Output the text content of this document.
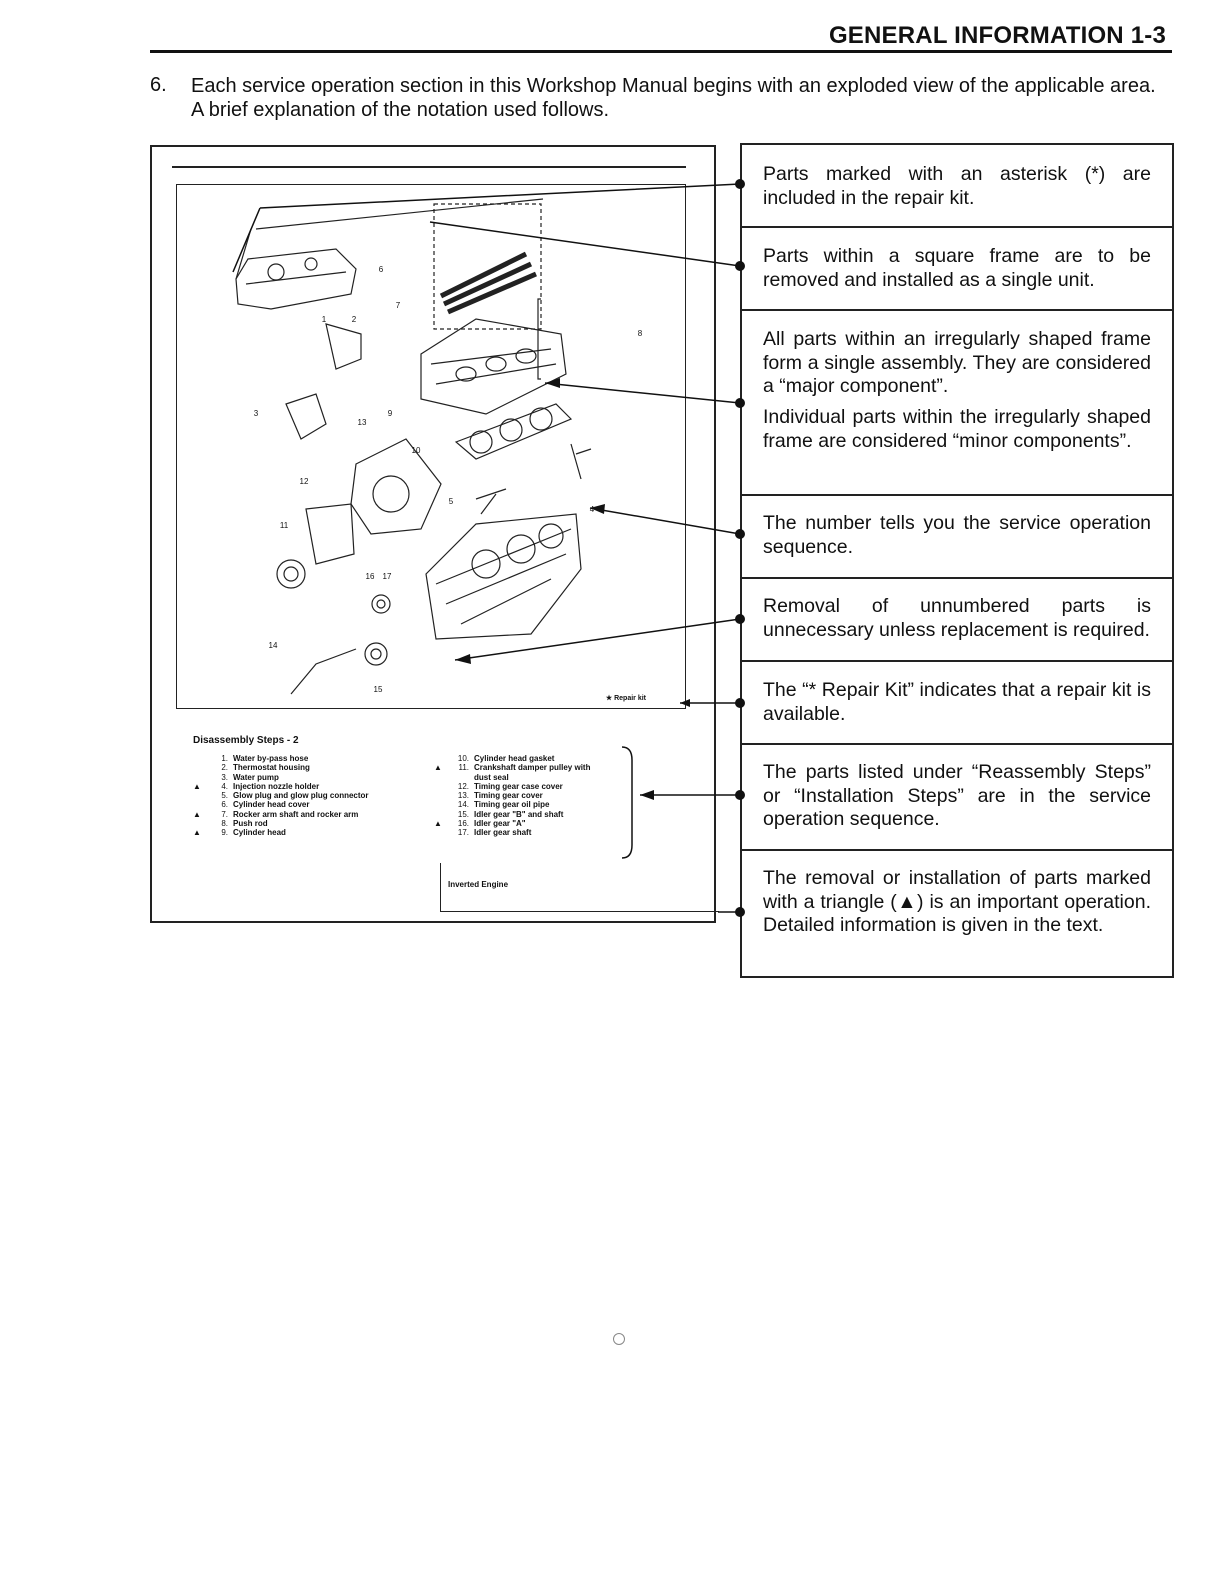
GENERAL INFORMATION 1-3
6. Each service operation section in this Workshop Manual begins with an exploded view of the applicable area. A brief explanation of the notation used follows.
1	2
3
4
5
6
7
8
9
10
11
12
13
14
15
16 17
★ Repair kit
Disassembly Steps - 2
1. Water by-pass hose
2. Thermostat housing
3. Water pump
▲	4. Injection nozzle holder
5. Glow plug and glow plug connector
6. Cylinder head cover
▲	7. Rocker arm shaft and rocker arm
8. Push rod
▲	9. Cylinder head
10. Cylinder head gasket
▲ 11. Crankshaft damper pulley with
dust seal
12. Timing gear case cover
13. Timing gear cover
14. Timing gear oil pipe
15. Idler gear "B" and shaft
▲ 16. Idler gear "A"
17. Idler gear shaft
Inverted Engine
Parts marked with an asterisk (*) are included in the repair kit.
Parts within a square frame are to be removed and installed as a single unit.
All parts within an irregularly shaped frame form a single assembly. They are considered a “major component”.
Individual parts within the irregularly shaped frame are considered “minor components”.
The number tells you the service operation sequence.
Removal of unnumbered parts is unnecessary unless replacement is required.
The “* Repair Kit” indicates that a repair kit is available.
The parts listed under “Reassembly Steps” or “Installation Steps” are in the service operation sequence.
The removal or installation of parts marked with a triangle (▲) is an important operation. Detailed information is given in the text.
